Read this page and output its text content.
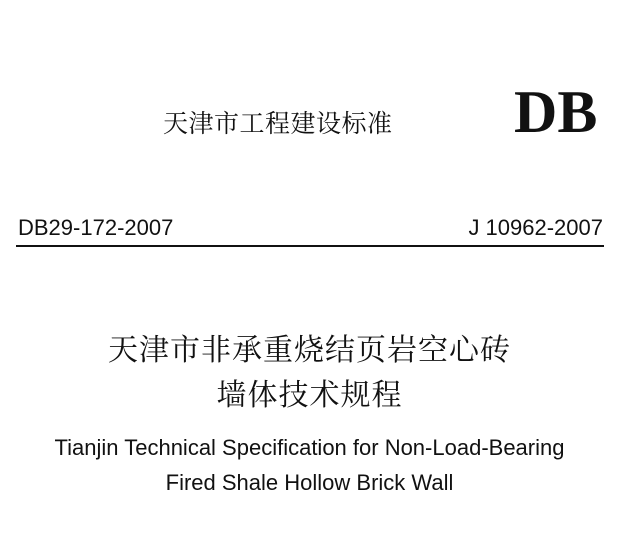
天津市工程建设标准 DB
DB29-172-2007	J 10962-2007
天津市非承重烧结页岩空心砖
墙体技术规程
Tianjin Technical Specification for Non-Load-Bearing
Fired Shale Hollow Brick Wall
